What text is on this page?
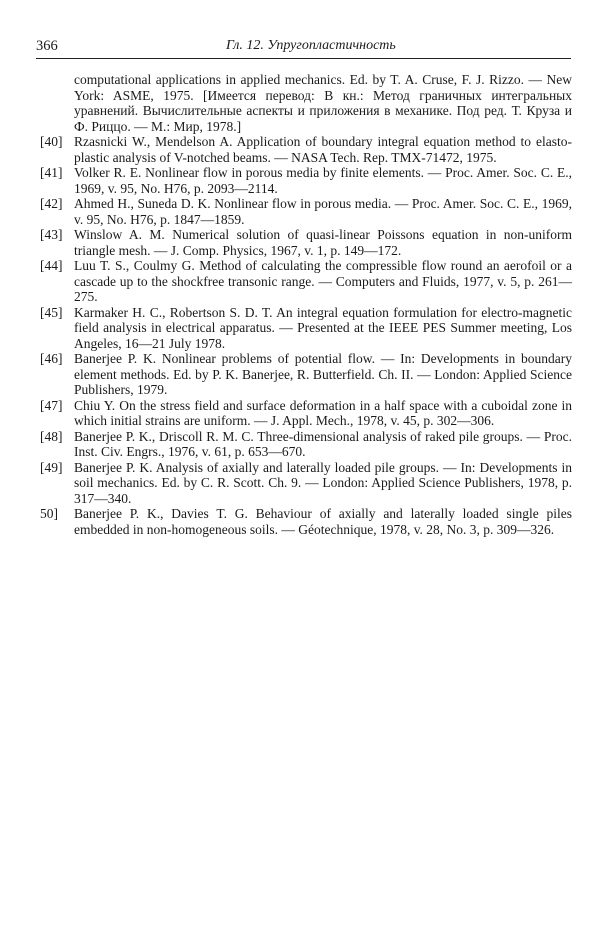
366	Гл. 12. Упругопластичность
computational applications in applied mechanics. Ed. by T. A. Cruse, F. J. Rizzo. — New York: ASME, 1975. [Имеется перевод: В кн.: Метод граничных интегральных уравнений. Вычислительные аспекты и приложения в механике. Под ред. Т. Круза и Ф. Риццо. — М.: Мир, 1978.]
[40] Rzasnicki W., Mendelson A. Application of boundary integral equation method to elasto-plastic analysis of V-notched beams. — NASA Tech. Rep. TMX-71472, 1975.
[41] Volker R. E. Nonlinear flow in porous media by finite elements. — Proc. Amer. Soc. C. E., 1969, v. 95, No. H76, p. 2093—2114.
[42] Ahmed H., Suneda D. K. Nonlinear flow in porous media. — Proc. Amer. Soc. C. E., 1969, v. 95, No. H76, p. 1847—1859.
[43] Winslow A. M. Numerical solution of quasi-linear Poissons equation in non-uniform triangle mesh. — J. Comp. Physics, 1967, v. 1, p. 149—172.
[44] Luu T. S., Coulmy G. Method of calculating the compressible flow round an aerofoil or a cascade up to the shockfree transonic range. — Computers and Fluids, 1977, v. 5, p. 261—275.
[45] Karmaker H. C., Robertson S. D. T. An integral equation formulation for electro-magnetic field analysis in electrical apparatus. — Presented at the IEEE PES Summer meeting, Los Angeles, 16—21 July 1978.
[46] Banerjee P. K. Nonlinear problems of potential flow. — In: Developments in boundary element methods. Ed. by P. K. Banerjee, R. Butterfield. Ch. II. — London: Applied Science Publishers, 1979.
[47] Chiu Y. On the stress field and surface deformation in a half space with a cuboidal zone in which initial strains are uniform. — J. Appl. Mech., 1978, v. 45, p. 302—306.
[48] Banerjee P. K., Driscoll R. M. C. Three-dimensional analysis of raked pile groups. — Proc. Inst. Civ. Engrs., 1976, v. 61, p. 653—670.
[49] Banerjee P. K. Analysis of axially and laterally loaded pile groups. — In: Developments in soil mechanics. Ed. by C. R. Scott. Ch. 9. — London: Applied Science Publishers, 1978, p. 317—340.
50] Banerjee P. K., Davies T. G. Behaviour of axially and laterally loaded single piles embedded in non-homogeneous soils. — Géotechnique, 1978, v. 28, No. 3, p. 309—326.
